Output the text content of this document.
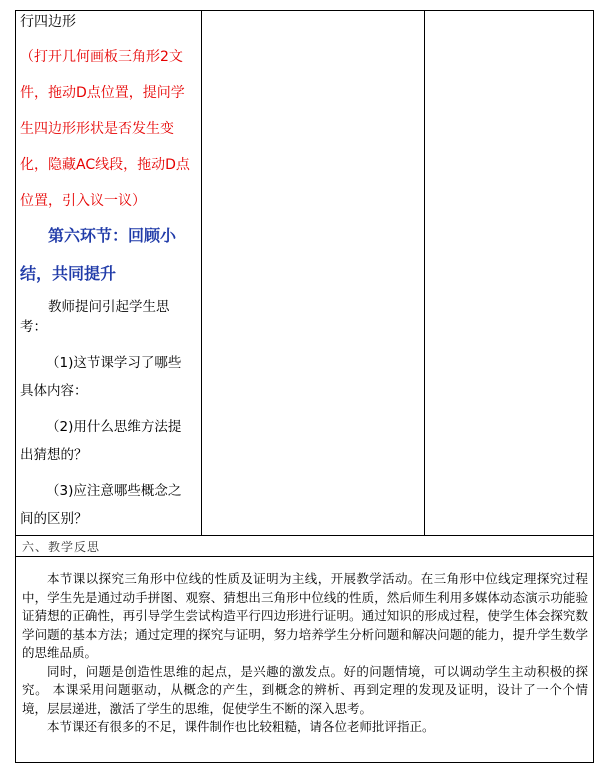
行四边形

（打开几何画板三角形2文

件，拖动D点位置，提问学

生四边形形状是否发生变

化，隐藏AC线段，拖动D点

位置，引入议一议）

第六环节：回顾小

结，共同提升

教师提问引起学生思

考：

（1)这节课学习了哪些

具体内容：

（2)用什么思维方法提

出猜想的？

（3)应注意哪些概念之

间的区别？

六、教学反思

本节课以探究三角形中位线的性质及证明为主线，开展教学活动。在三角形中位线定理探究过程中，学生先是通过动手拼图、观察、猜想出三角形中位线的性质，然后师生利用多媒体动态演示功能验证猜想的正确性，再引导学生尝试构造平行四边形进行证明。通过知识的形成过程，使学生体会探究数学问题的基本方法；通过定理的探究与证明，努力培养学生分析问题和解决问题的能力，提升学生数学的思维品质。

同时，问题是创造性思维的起点，是兴趣的激发点。好的问题情境，可以调动学生主动积极的探究。 本课采用问题驱动，从概念的产生，到概念的辨析、再到定理的发现及证明，设计了一个个情境，层层递进，激活了学生的思维，促使学生不断的深入思考。

本节课还有很多的不足，课件制作也比较粗糙，请各位老师批评指正。
